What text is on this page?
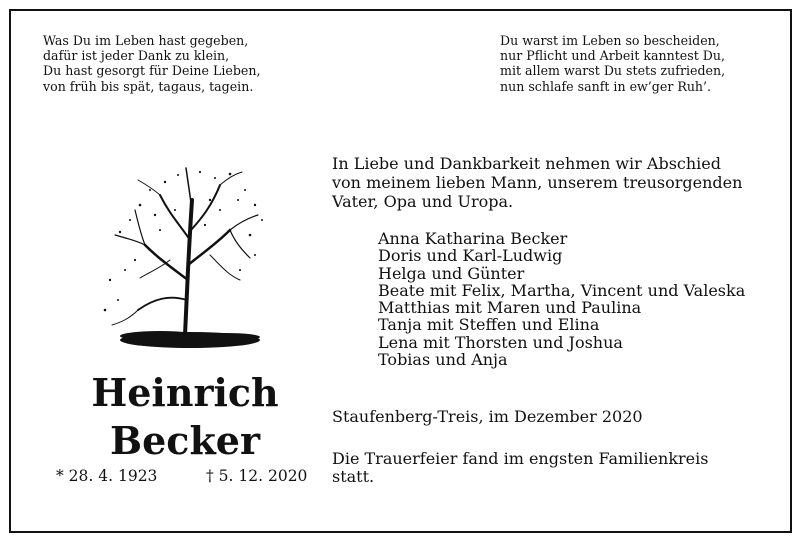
Was Du im Leben hast gegeben,
dafür ist jeder Dank zu klein,
Du hast gesorgt für Deine Lieben,
von früh bis spät, tagaus, tagein.
Du warst im Leben so bescheiden,
nur Pflicht und Arbeit kanntest Du,
mit allem warst Du stets zufrieden,
nun schlafe sanft in ew’ger Ruh’.
Heinrich
Becker
* 28. 4. 1923	† 5. 12. 2020
In Liebe und Dankbarkeit nehmen wir Abschied
von meinem lieben Mann, unserem treusorgenden
Vater, Opa und Uropa.
Anna Katharina Becker
Doris und Karl-Ludwig
Helga und Günter
Beate mit Felix, Martha, Vincent und Valeska
Matthias mit Maren und Paulina
Tanja mit Steffen und Elina
Lena mit Thorsten und Joshua
Tobias und Anja
Staufenberg-Treis, im Dezember 2020
Die Trauerfeier fand im engsten Familienkreis
statt.
